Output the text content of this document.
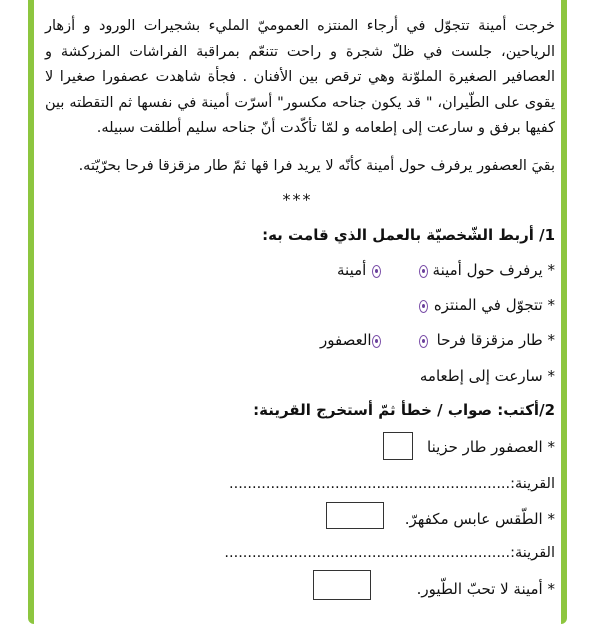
خرجت أمينة تتجوّل في أرجاء المنتزه العموميّ المليء بشجيرات الورود و أزهار الرياحين، جلست في ظلّ شجرة و راحت تتنعّم بمراقبة الفراشات المزركشة و العصافير الصغيرة الملوّنة وهي ترقص بين الأفنان . فجأة شاهدت عصفورا صغيرا لا يقوى على الطّيران، " قد يكون جناحه مكسور" أسرّت أمينة في نفسها ثم التقطته بين كفيها برفق و سارعت إلى إطعامه و لمّا تأكّدت أنّ جناحه سليم أطلقت سبيله.
بقيَ العصفور يرفرف حول أمينة كأنّه لا يريد فرا قها ثمّ طار مزقزقا فرحا بحرّيّته.
***
1/ أربط الشّخصيّة بالعمل الذي قامت به:
* يرفرف حول أمينة
أمينة
* تتجوّل في المنتزه
* طار مزقزقا فرحا
العصفور
* سارعت إلى إطعامه
2/أكتب: صواب / خطأ ثمّ أستخرج القرينة:
* العصفور طار حزينا
القرينة:.............................................................
* الطّقس عابس مكفهرّ.
القرينة:..............................................................
* أمينة لا تحبّ الطّيور.
